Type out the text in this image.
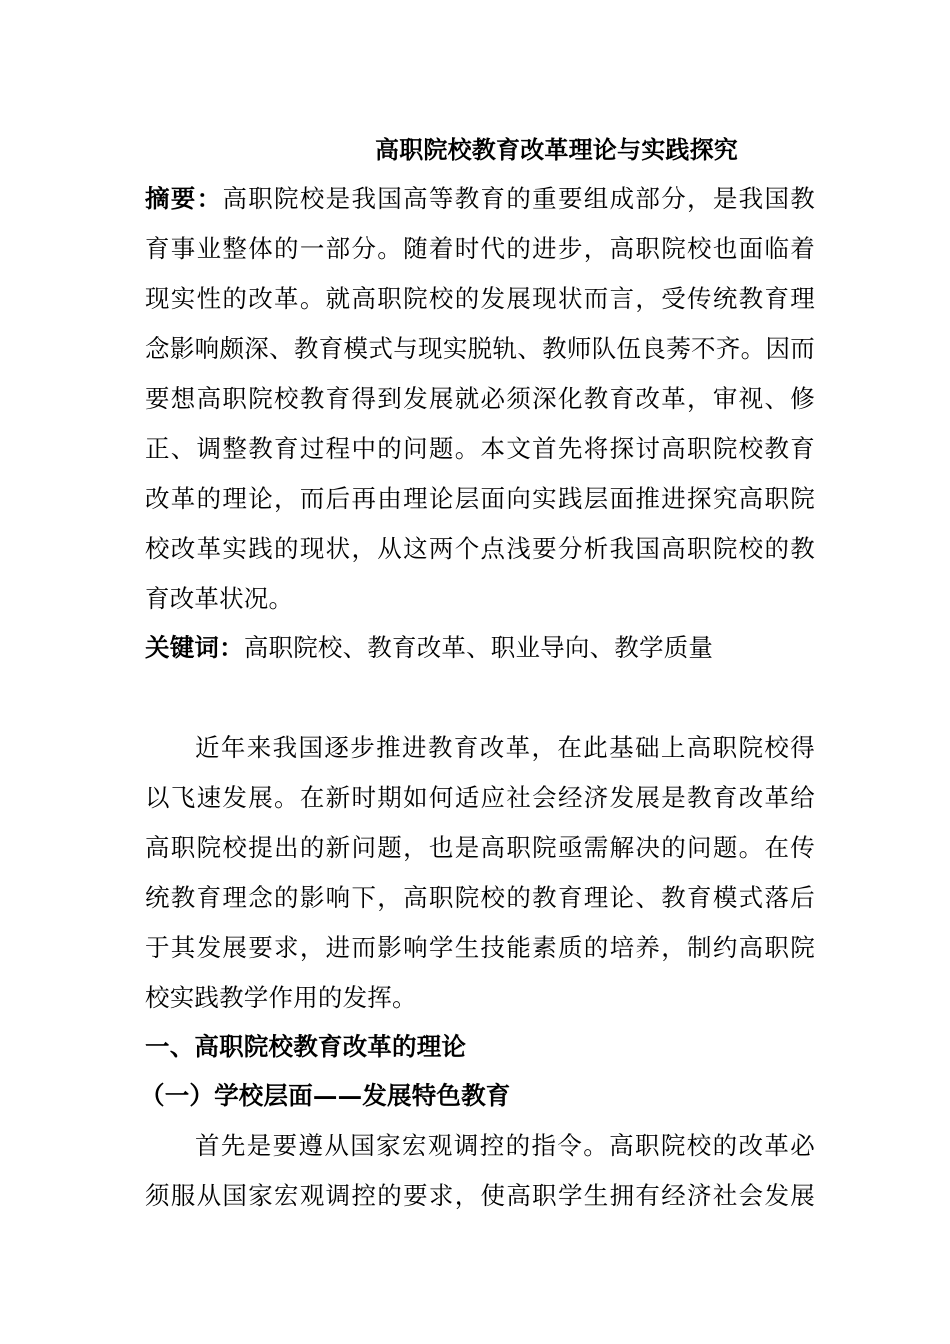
高职院校教育改革理论与实践探究
摘要：高职院校是我国高等教育的重要组成部分，是我国教
育事业整体的一部分。随着时代的进步，高职院校也面临着
现实性的改革。就高职院校的发展现状而言，受传统教育理
念影响颇深、教育模式与现实脱轨、教师队伍良莠不齐。因而
要想高职院校教育得到发展就必须深化教育改革，审视、修
正、调整教育过程中的问题。本文首先将探讨高职院校教育
改革的理论，而后再由理论层面向实践层面推进探究高职院
校改革实践的现状，从这两个点浅要分析我国高职院校的教
育改革状况。
关键词：高职院校、教育改革、职业导向、教学质量
近年来我国逐步推进教育改革，在此基础上高职院校得
以飞速发展。在新时期如何适应社会经济发展是教育改革给
高职院校提出的新问题，也是高职院亟需解决的问题。在传
统教育理念的影响下，高职院校的教育理论、教育模式落后
于其发展要求，进而影响学生技能素质的培养，制约高职院
校实践教学作用的发挥。
一、高职院校教育改革的理论
（一）学校层面——发展特色教育
首先是要遵从国家宏观调控的指令。高职院校的改革必
须服从国家宏观调控的要求，使高职学生拥有经济社会发展
